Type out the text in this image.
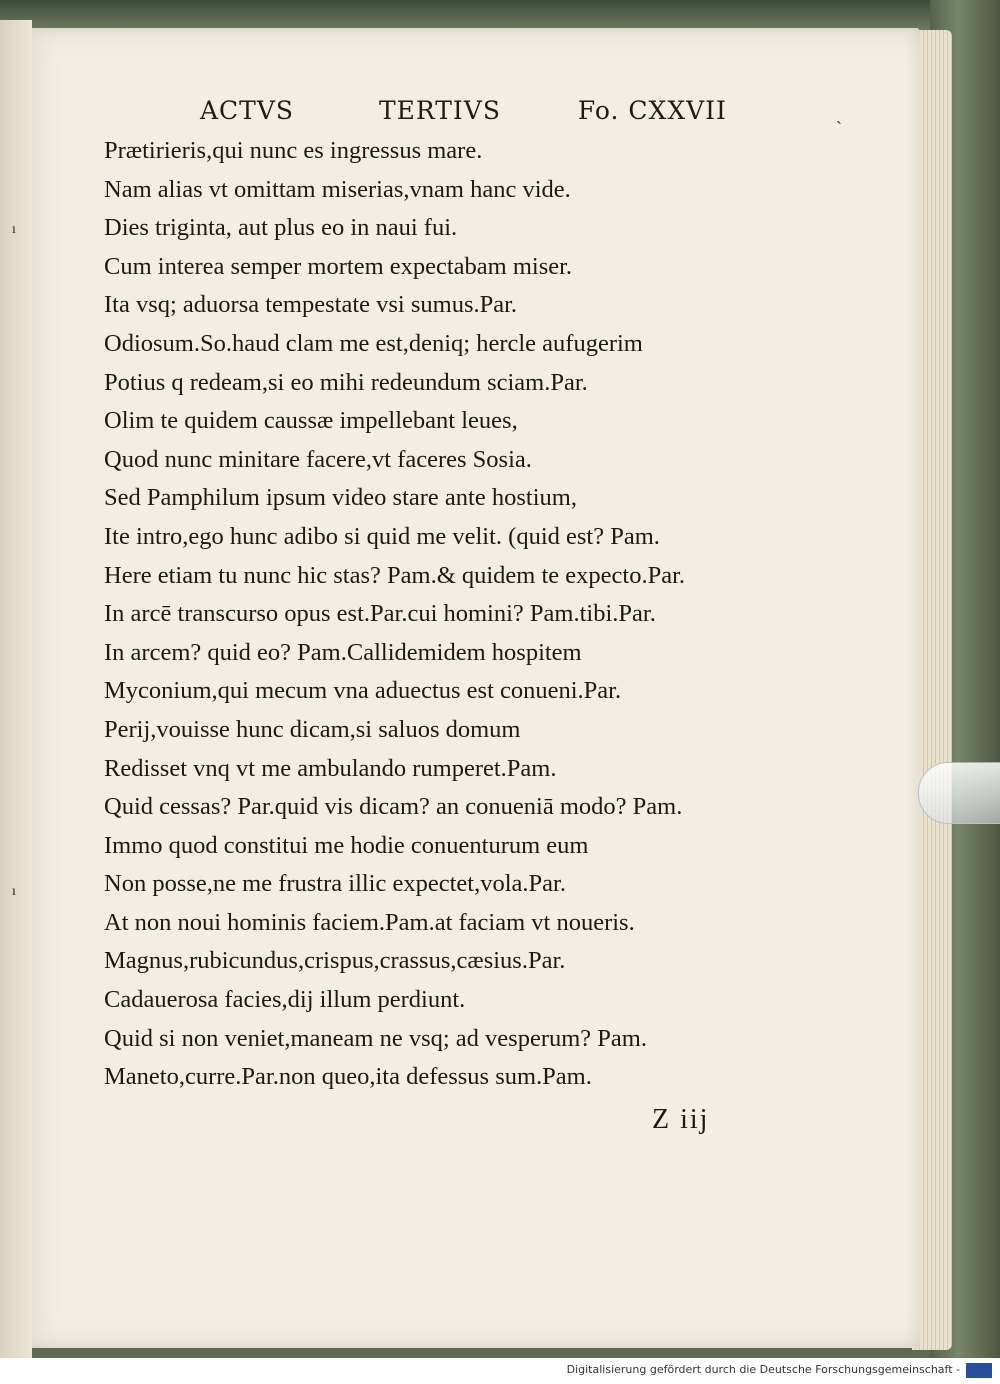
ACTVS	TERTIVS	Fo. CXXVII
Prætirieris,qui nunc es ingressus mare.
Nam alias vt omittam miserias,vnam hanc vide.
Dies triginta, aut plus eo in naui fui.
Cum interea semper mortem expectabam miser.
Ita vsq; aduorsa tempestate vsi sumus.Par.
Odiosum.So.haud clam me est,deniq; hercle aufugerim
Potius q redeam,si eo mihi redeundum sciam.Par.
Olim te quidem caussæ impellebant leues,
Quod nunc minitare facere,vt faceres Sosia.
Sed Pamphilum ipsum video stare ante hostium,
Ite intro,ego hunc adibo si quid me velit. (quid est? Pam.
Here etiam tu nunc hic stas? Pam.& quidem te expecto.Par.
In arcē transcurso opus est.Par.cui homini? Pam.tibi.Par.
In arcem? quid eo? Pam.Callidemidem hospitem
Myconium,qui mecum vna aduectus est conueni.Par.
Perij,vouisse hunc dicam,si saluos domum
Redisset vnq vt me ambulando rumperet.Pam.
Quid cessas? Par.quid vis dicam? an conueniā modo? Pam.
Immo quod constitui me hodie conuenturum eum
Non posse,ne me frustra illic expectet,vola.Par.
At non noui hominis faciem.Pam.at faciam vt noueris.
Magnus,rubicundus,crispus,crassus,cæsius.Par.
Cadauerosa facies,dij illum perdiunt.
Quid si non veniet,maneam ne vsq; ad vesperum? Pam.
Maneto,curre.Par.non queo,ita defessus sum.Pam.
Z iij
ˋ
ı
ı
Digitalisierung gefördert durch die Deutsche Forschungsgemeinschaft -
